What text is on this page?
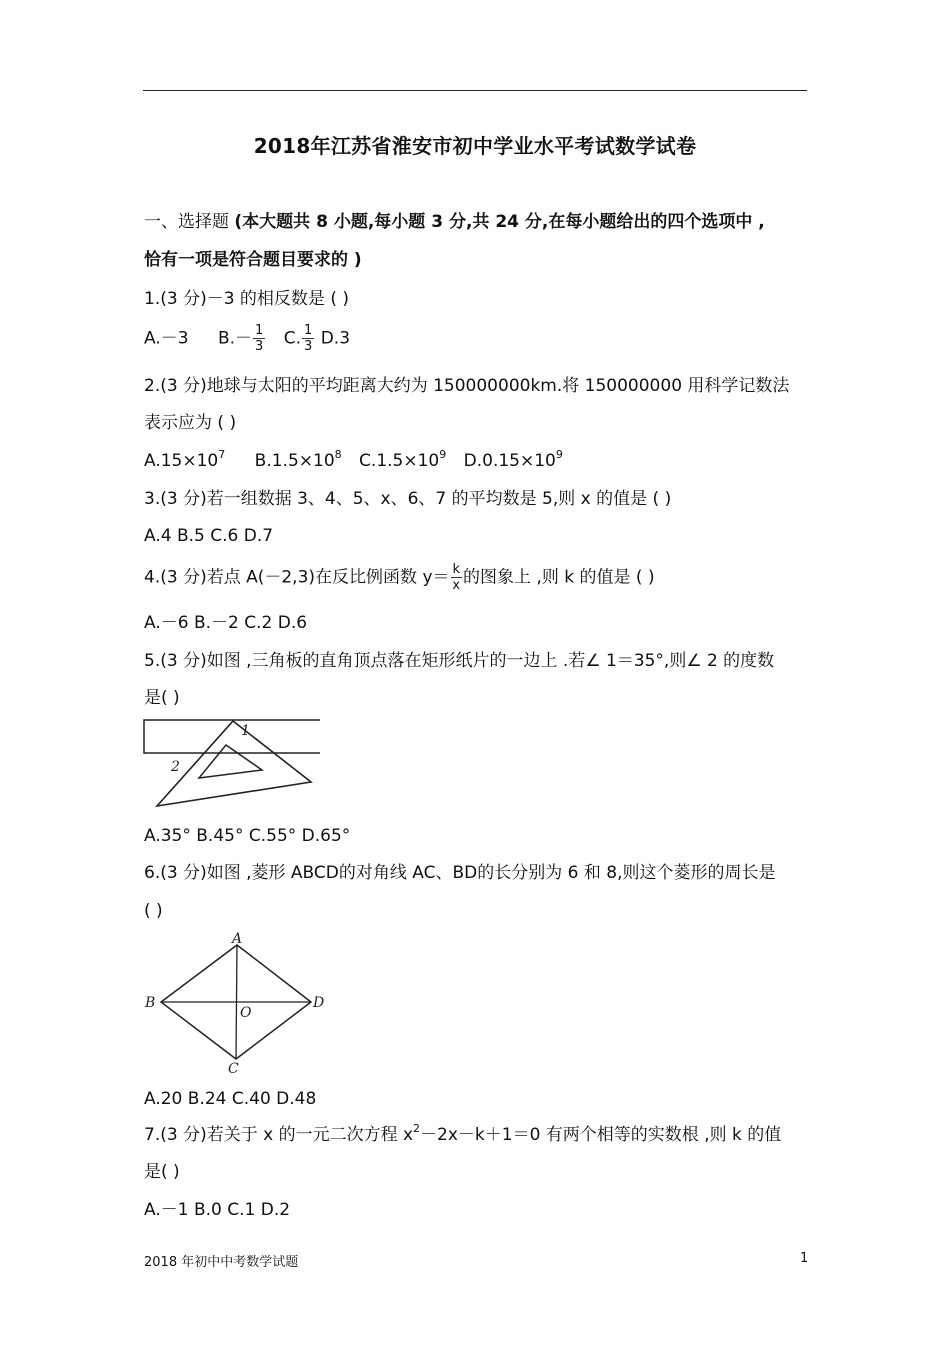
2018年江苏省淮安市初中学业水平考试数学试卷
一、选择题 (本大题共 8 小题,每小题 3 分,共 24 分,在每小题给出的四个选项中 ,
恰有一项是符合题目要求的 )
1.(3 分)－3 的相反数是 ( )
A.－3 $B.- \frac{1}{3} C$. $\frac{1}{3} D.3$
2.(3 分)地球与太阳的平均距离大约为 150000000km.将 150000000 用科学记数法
表示应为 ( )
$A.15\times 10^7$ $B.1.5\times 10^8$ $C.1.5\times 10^9$ $D.0.15\times 10^9$
3.(3 分)若一组数据 3、4、5、x、6、7 的平均数是 5,则 x 的值是 ( )
A.4 B.5 C.6 D.7
4.(3 分)若点 A(－2,3)在反比例函数 $y= \frac{k}{x}$ 的图象上 ,则 k 的值是 ( )
A.－6 B.－2 C.2 D.6
5.(3 分)如图 ,三角板的直角顶点落在矩形纸片的一边上 .若∠ 1＝35°,则∠ 2 的度数
是( )
1
2
A.35° B.45° C.55° D.65°
6.(3 分)如图 ,菱形 ABCD的对角线 AC、BD的长分别为 6 和 8,则这个菱形的周长是
( )
A
B
C
D
O
A.20 B.24 C.40 D.48
7.(3 分)若关于 x 的一元二次方程 $x^2-2x-k+1=0$ 有两个相等的实数根 ,则 k 的值
是( )
A.－1 B.0 C.1 D.2
2018 年初中中考数学试题	1
